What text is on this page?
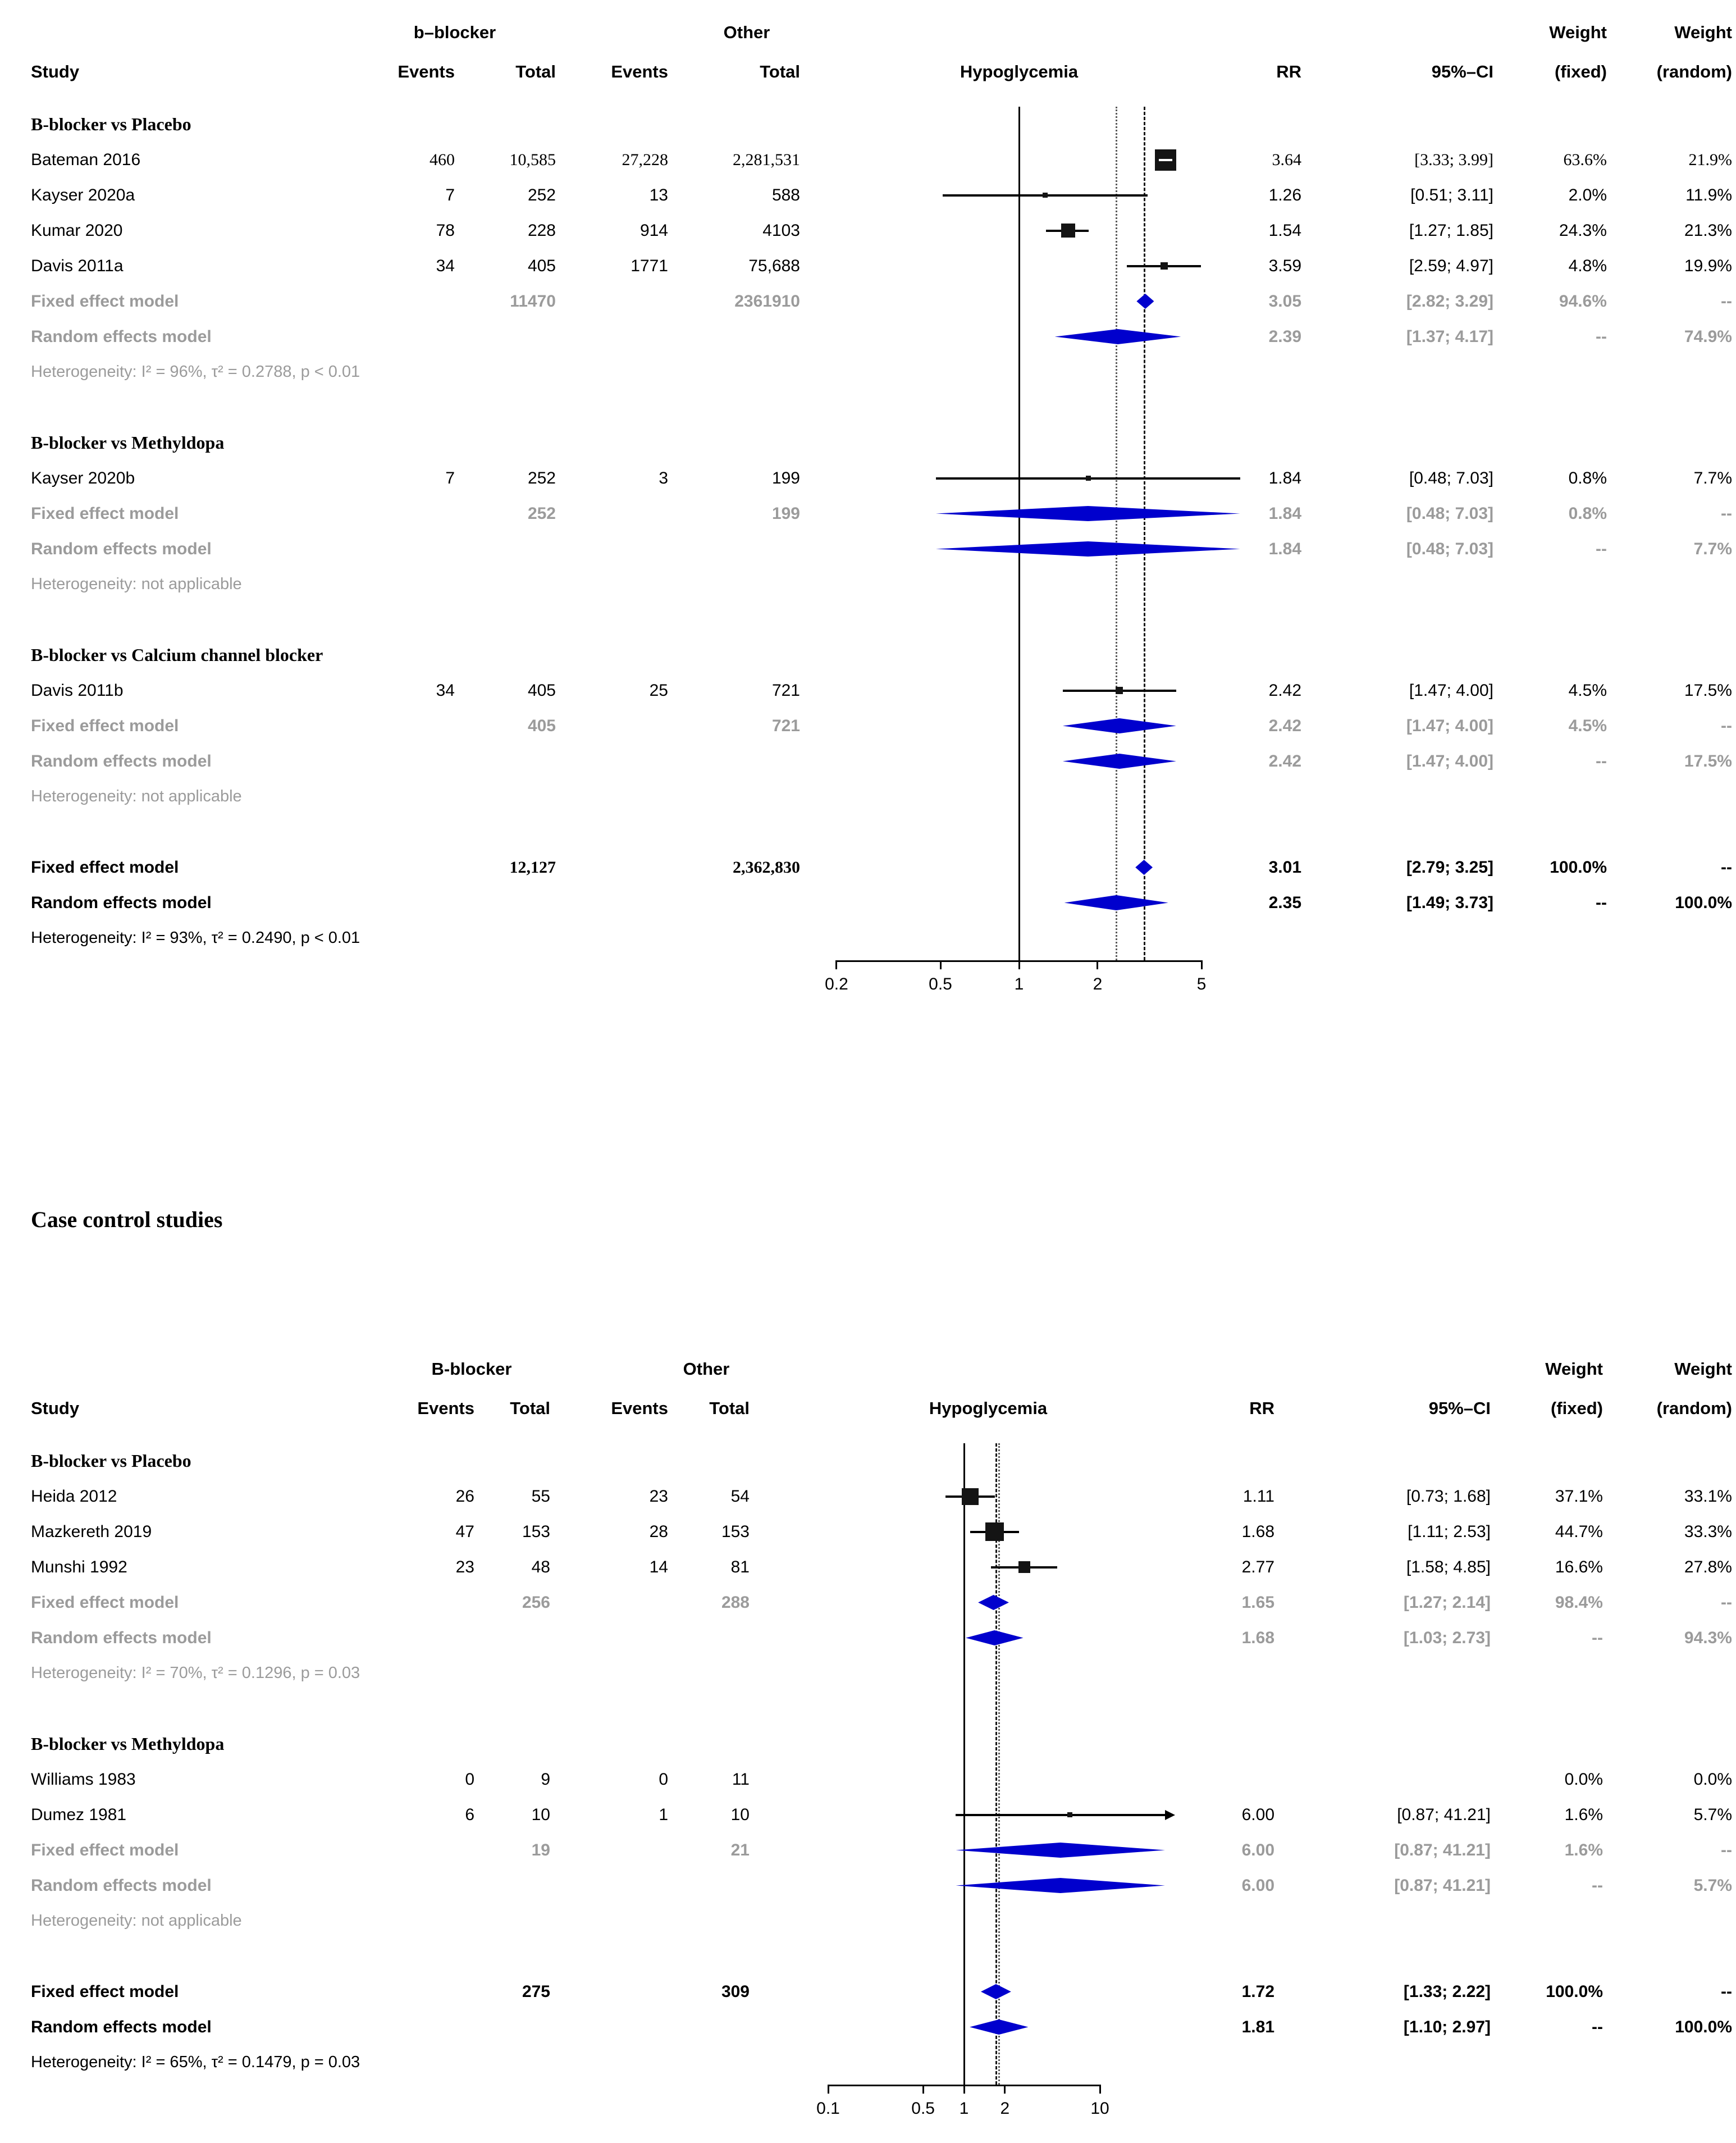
b–blocker	Other	Weight	Weight
Study	Events	Total	Events	Total	Hypoglycemia	RR	95%–CI	(fixed)	(random)
B-blocker vs Placebo
Bateman 2016	460	10,585	27,228	2,281,531	3.64	[3.33; 3.99]	63.6%	21.9%
Kayser 2020a	7	252	13	588	1.26	[0.51; 3.11]	2.0%	11.9%
Kumar 2020	78	228	914	4103	1.54	[1.27; 1.85]	24.3%	21.3%
Davis 2011a	34	405	1771	75,688	3.59	[2.59; 4.97]	4.8%	19.9%
Fixed effect model	11470	2361910	3.05	[2.82; 3.29]	94.6%	--
Random effects model	2.39	[1.37; 4.17]	--	74.9%
Heterogeneity: I² = 96%, τ² = 0.2788, p < 0.01
B-blocker vs Methyldopa
Kayser 2020b	7	252	3	199	1.84	[0.48; 7.03]	0.8%	7.7%
Fixed effect model	252	199	1.84	[0.48; 7.03]	0.8%	--
Random effects model	1.84	[0.48; 7.03]	--	7.7%
Heterogeneity: not applicable
B-blocker vs Calcium channel blocker
Davis 2011b	34	405	25	721	2.42	[1.47; 4.00]	4.5%	17.5%
Fixed effect model	405	721	2.42	[1.47; 4.00]	4.5%	--
Random effects model	2.42	[1.47; 4.00]	--	17.5%
Heterogeneity: not applicable
Fixed effect model	12,127	2,362,830	3.01	[2.79; 3.25]	100.0%	--
Random effects model	2.35	[1.49; 3.73]	--	100.0%
Heterogeneity: I² = 93%, τ² = 0.2490, p < 0.01
0.2	0.5	1	2	5
Case control studies
B-blocker	Other	Weight	Weight
Study	Events	Total	Events	Total	Hypoglycemia	RR	95%–CI	(fixed)	(random)
B-blocker vs Placebo
Heida 2012	26	55	23	54	1.11	[0.73; 1.68]	37.1%	33.1%
Mazkereth 2019	47	153	28	153	1.68	[1.11; 2.53]	44.7%	33.3%
Munshi 1992	23	48	14	81	2.77	[1.58; 4.85]	16.6%	27.8%
Fixed effect model	256	288	1.65	[1.27; 2.14]	98.4%	--
Random effects model	1.68	[1.03; 2.73]	--	94.3%
Heterogeneity: I² = 70%, τ² = 0.1296, p = 0.03
B-blocker vs Methyldopa
Williams 1983	0	9	0	11	0.0%	0.0%
Dumez 1981	6	10	1	10	6.00	[0.87; 41.21]	1.6%	5.7%
Fixed effect model	19	21	6.00	[0.87; 41.21]	1.6%	--
Random effects model	6.00	[0.87; 41.21]	--	5.7%
Heterogeneity: not applicable
Fixed effect model	275	309	1.72	[1.33; 2.22]	100.0%	--
Random effects model	1.81	[1.10; 2.97]	--	100.0%
Heterogeneity: I² = 65%, τ² = 0.1479, p = 0.03
0.1	0.5 1 2	10
